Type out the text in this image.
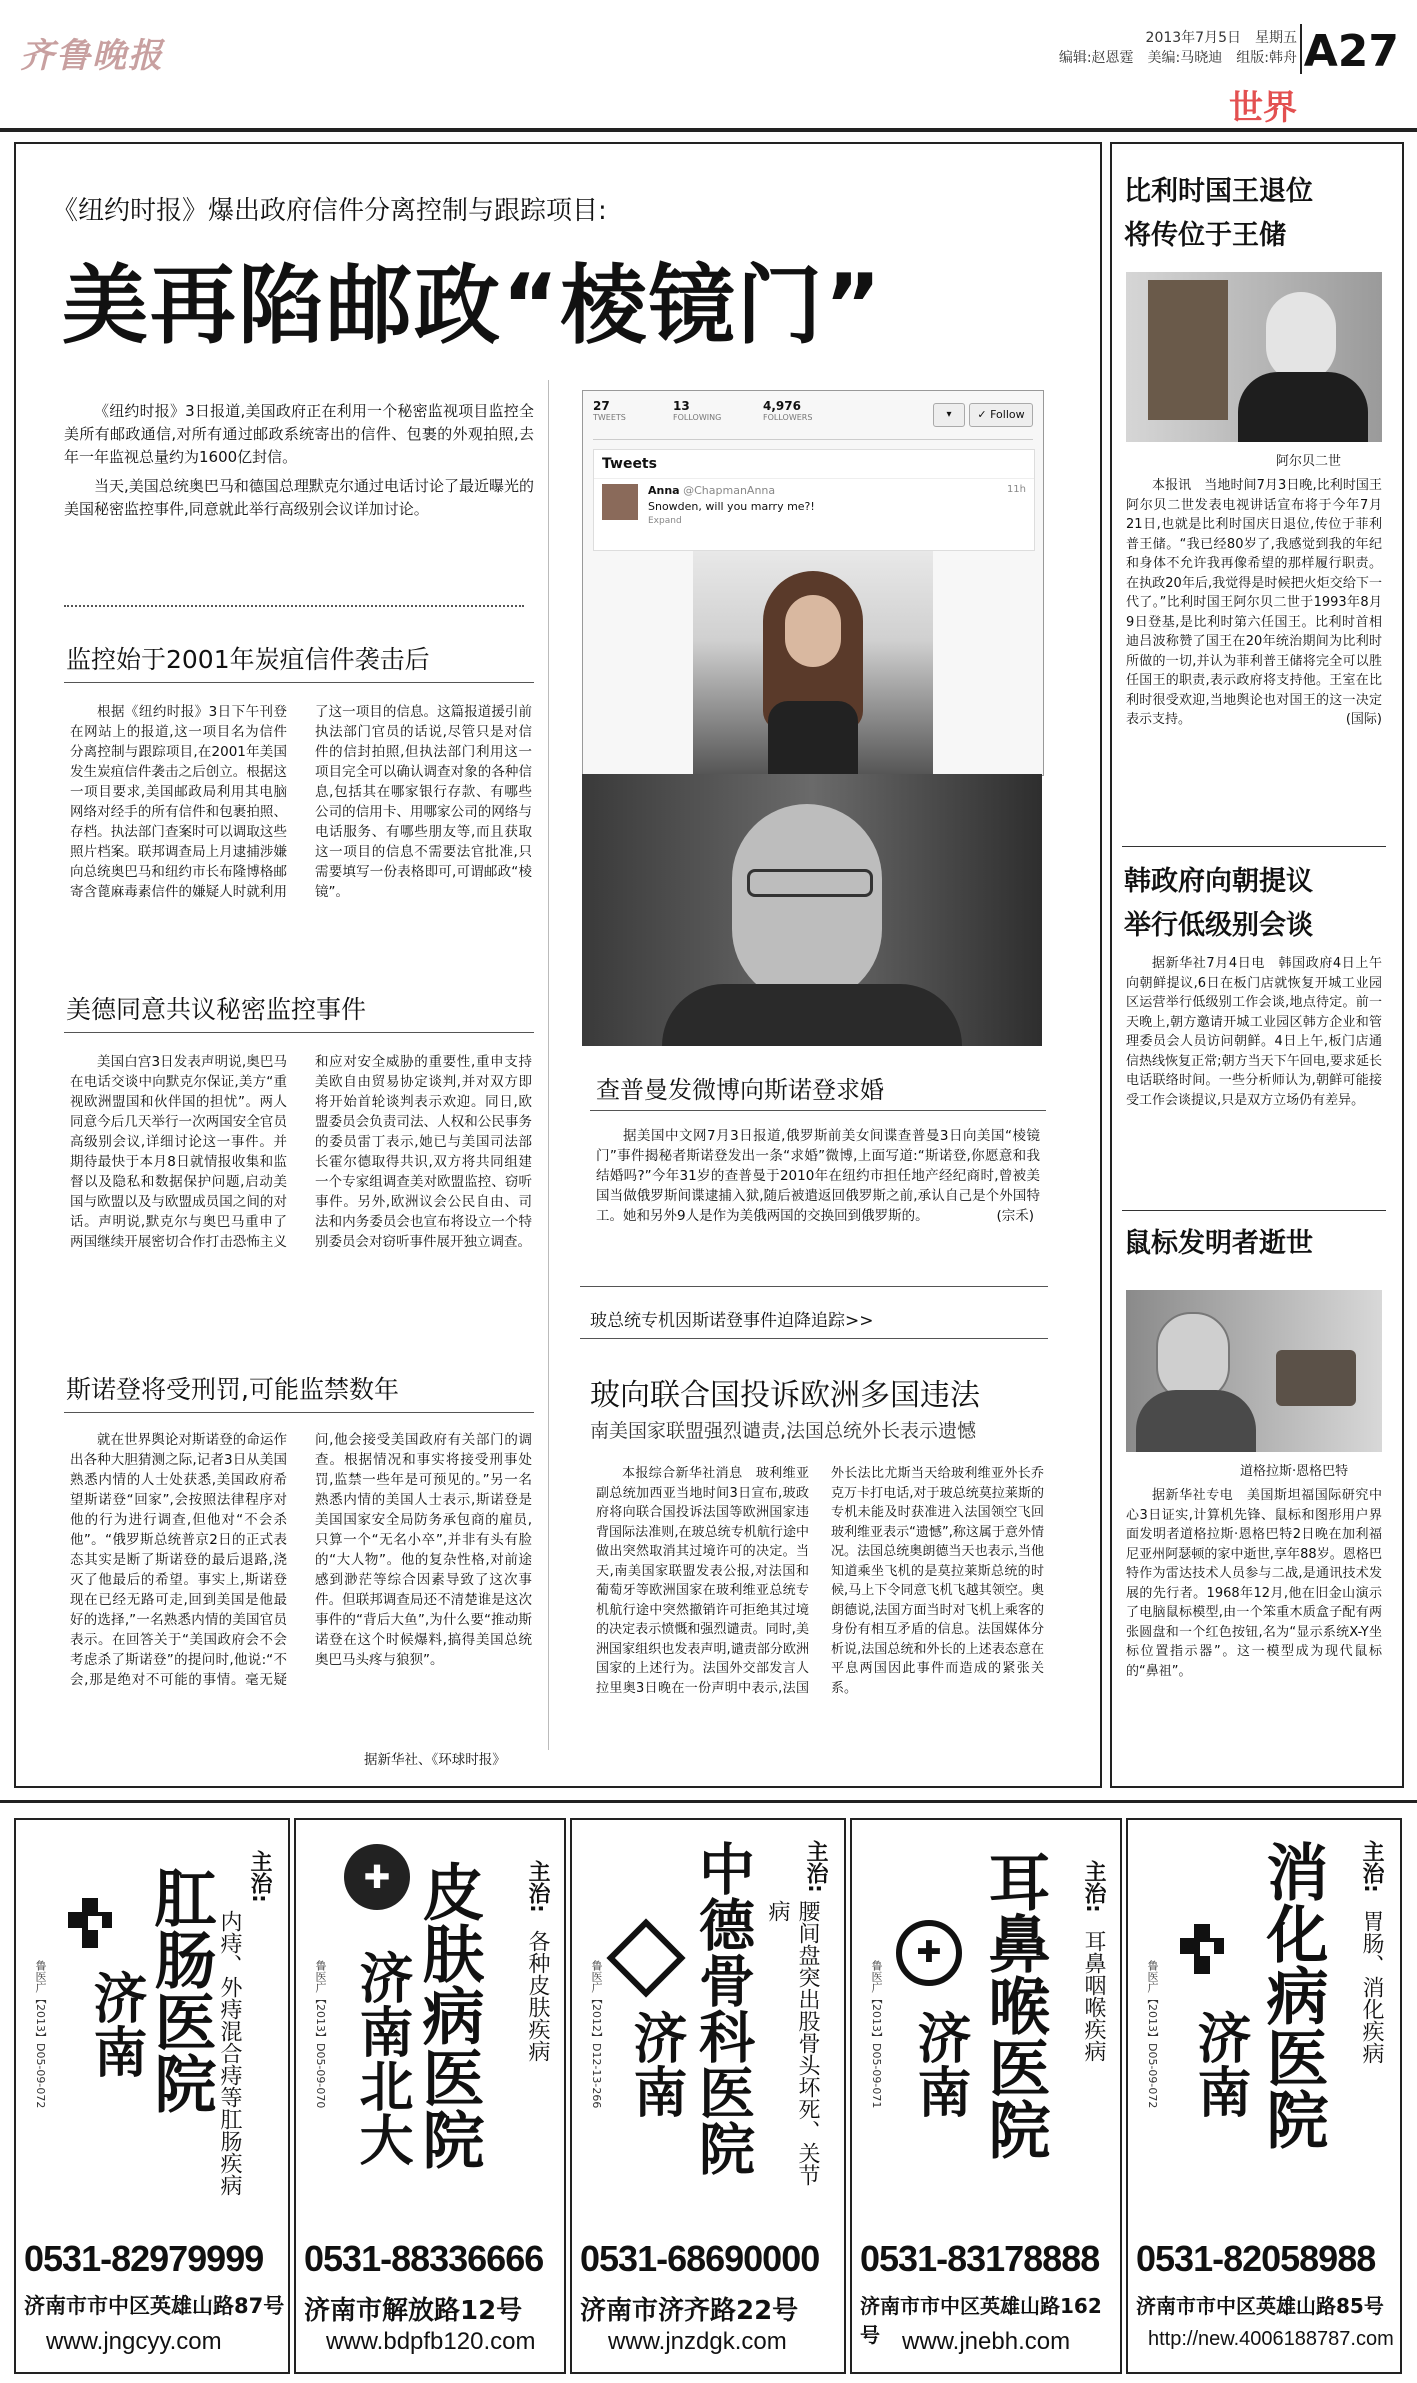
齐鲁晚报	2013年7月5日　星期五
编辑:赵恩霆　美编:马晓迪　组版:韩舟 A27
世界
《纽约时报》爆出政府信件分离控制与跟踪项目:
美再陷邮政“棱镜门”
《纽约时报》3日报道,美国政府正在利用一个秘密监视项目监控全美所有邮政通信,对所有通过邮政系统寄出的信件、包裹的外观拍照,去年一年监视总量约为1600亿封信。
当天,美国总统奥巴马和德国总理默克尔通过电话讨论了最近曝光的美国秘密监控事件,同意就此举行高级别会议详加讨论。
监控始于2001年炭疽信件袭击后
根据《纽约时报》3日下午刊登在网站上的报道,这一项目名为信件分离控制与跟踪项目,在2001年美国发生炭疽信件袭击之后创立。根据这一项目要求,美国邮政局利用其电脑网络对经手的所有信件和包裹拍照、存档。执法部门查案时可以调取这些照片档案。联邦调查局上月逮捕涉嫌向总统奥巴马和纽约市长布隆博格邮寄含蓖麻毒素信件的嫌疑人时就利用了这一项目的信息。这篇报道援引前执法部门官员的话说,尽管只是对信件的信封拍照,但执法部门利用这一项目完全可以确认调查对象的各种信息,包括其在哪家银行存款、有哪些公司的信用卡、用哪家公司的网络与电话服务、有哪些朋友等,而且获取这一项目的信息不需要法官批准,只需要填写一份表格即可,可谓邮政“棱镜”。
美德同意共议秘密监控事件
美国白宫3日发表声明说,奥巴马在电话交谈中向默克尔保证,美方“重视欧洲盟国和伙伴国的担忧”。两人同意今后几天举行一次两国安全官员高级别会议,详细讨论这一事件。并期待最快于本月8日就情报收集和监督以及隐私和数据保护问题,启动美国与欧盟以及与欧盟成员国之间的对话。声明说,默克尔与奥巴马重申了两国继续开展密切合作打击恐怖主义和应对安全威胁的重要性,重申支持美欧自由贸易协定谈判,并对双方即将开始首轮谈判表示欢迎。同日,欧盟委员会负责司法、人权和公民事务的委员雷丁表示,她已与美国司法部长霍尔德取得共识,双方将共同组建一个专家组调查美对欧盟监控、窃听事件。另外,欧洲议会公民自由、司法和内务委员会也宣布将设立一个特别委员会对窃听事件展开独立调查。
斯诺登将受刑罚,可能监禁数年
就在世界舆论对斯诺登的命运作出各种大胆猜测之际,记者3日从美国熟悉内情的人士处获悉,美国政府希望斯诺登“回家”,会按照法律程序对他的行为进行调查,但他对“不会杀他”。“俄罗斯总统普京2日的正式表态其实是断了斯诺登的最后退路,浇灭了他最后的希望。事实上,斯诺登现在已经无路可走,回到美国是他最好的选择,”一名熟悉内情的美国官员表示。在回答关于“美国政府会不会考虑杀了斯诺登”的提问时,他说:“不会,那是绝对不可能的事情。毫无疑问,他会接受美国政府有关部门的调查。根据情况和事实将接受刑事处罚,监禁一些年是可预见的。”另一名熟悉内情的美国人士表示,斯诺登是美国国家安全局防务承包商的雇员,只算一个“无名小卒”,并非有头有脸的“大人物”。他的复杂性格,对前途感到渺茫等综合因素导致了这次事件。但联邦调查局还不清楚谁是这次事件的“背后大鱼”,为什么要“推动斯诺登在这个时候爆料,搞得美国总统奥巴马头疼与狼狈”。
据新华社、《环球时报》
27
TWEETS
13
FOLLOWING
4,976
FOLLOWERS	▾	✓ Follow
Tweets
Anna @ChapmanAnna	11h
Snowden, will you marry me?!
Expand
查普曼发微博向斯诺登求婚
据美国中文网7月3日报道,俄罗斯前美女间谍查普曼3日向美国“棱镜门”事件揭秘者斯诺登发出一条“求婚”微博,上面写道:“斯诺登,你愿意和我结婚吗?”今年31岁的查普曼于2010年在纽约市担任地产经纪商时,曾被美国当做俄罗斯间谍逮捕入狱,随后被遣返回俄罗斯之前,承认自己是个外国特工。她和另外9人是作为美俄两国的交换回到俄罗斯的。	(宗禾)
玻总统专机因斯诺登事件迫降追踪>>
玻向联合国投诉欧洲多国违法
南美国家联盟强烈谴责,法国总统外长表示遗憾
本报综合新华社消息　玻利维亚副总统加西亚当地时间3日宣布,玻政府将向联合国投诉法国等欧洲国家违背国际法准则,在玻总统专机航行途中做出突然取消其过境许可的决定。当天,南美国家联盟发表公报,对法国和葡萄牙等欧洲国家在玻利维亚总统专机航行途中突然撤销许可拒绝其过境的决定表示愤慨和强烈谴责。同时,美洲国家组织也发表声明,谴责部分欧洲国家的上述行为。法国外交部发言人拉里奥3日晚在一份声明中表示,法国外长法比尤斯当天给玻利维亚外长乔克万卡打电话,对于玻总统莫拉莱斯的专机未能及时获准进入法国领空飞回玻利维亚表示“遗憾”,称这属于意外情况。法国总统奥朗德当天也表示,当他知道乘坐飞机的是莫拉莱斯总统的时候,马上下令同意飞机飞越其领空。奥朗德说,法国方面当时对飞机上乘客的身份有相互矛盾的信息。法国媒体分析说,法国总统和外长的上述表态意在平息两国因此事件而造成的紧张关系。
比利时国王退位将传位于王储
阿尔贝二世
本报讯　当地时间7月3日晚,比利时国王阿尔贝二世发表电视讲话宣布将于今年7月21日,也就是比利时国庆日退位,传位于菲利普王储。“我已经80岁了,我感觉到我的年纪和身体不允许我再像希望的那样履行职责。在执政20年后,我觉得是时候把火炬交给下一代了。”比利时国王阿尔贝二世于1993年8月9日登基,是比利时第六任国王。比利时首相迪吕波称赞了国王在20年统治期间为比利时所做的一切,并认为菲利普王储将完全可以胜任国王的职责,表示政府将支持他。王室在比利时很受欢迎,当地舆论也对国王的这一决定表示支持。	(国际)
韩政府向朝提议举行低级别会谈
据新华社7月4日电　韩国政府4日上午向朝鲜提议,6日在板门店就恢复开城工业园区运营举行低级别工作会谈,地点待定。前一天晚上,朝方邀请开城工业园区韩方企业和管理委员会人员访问朝鲜。4日上午,板门店通信热线恢复正常;朝方当天下午回电,要求延长电话联络时间。一些分析师认为,朝鲜可能接受工作会谈提议,只是双方立场仍有差异。
鼠标发明者逝世
道格拉斯·恩格巴特
据新华社专电　美国斯坦福国际研究中心3日证实,计算机先锋、鼠标和图形用户界面发明者道格拉斯·恩格巴特2日晚在加利福尼亚州阿瑟顿的家中逝世,享年88岁。恩格巴特作为雷达技术人员参与二战,是通讯技术发展的先行者。1968年12月,他在旧金山演示了电脑鼠标模型,由一个笨重木质盒子配有两张圆盘和一个红色按钮,名为“显示系统X-Y坐标位置指示器”。这一模型成为现代鼠标的“鼻祖”。
肛肠医院
济南
主治:
内痔、外痔混合痔等肛肠疾病
鲁医广【2013】D05-09-072
0531-82979999
济南市市中区英雄山路87号
www.jngcyy.com
✚ 皮肤病医院
济南北大
主治:
各种皮肤疾病
鲁医广【2013】D05-09-070
0531-88336666
济南市解放路12号
www.bdpfb120.com
中德骨科医院
济南
主治:
腰间盘突出股骨头坏死、关节病
鲁医广【2012】D12-13-266
0531-68690000
济南市济齐路22号
www.jnzdgk.com
✚ 耳鼻喉医院
济南
主治:
耳鼻咽喉疾病
鲁医广【2013】D05-09-071
0531-83178888
济南市市中区英雄山路162号 www.jnebh.com
消化病医院
济南
主治:
胃肠、消化疾病
鲁医广【2013】D05-09-072
0531-82058988
济南市市中区英雄山路85号
http://new.4006188787.com
